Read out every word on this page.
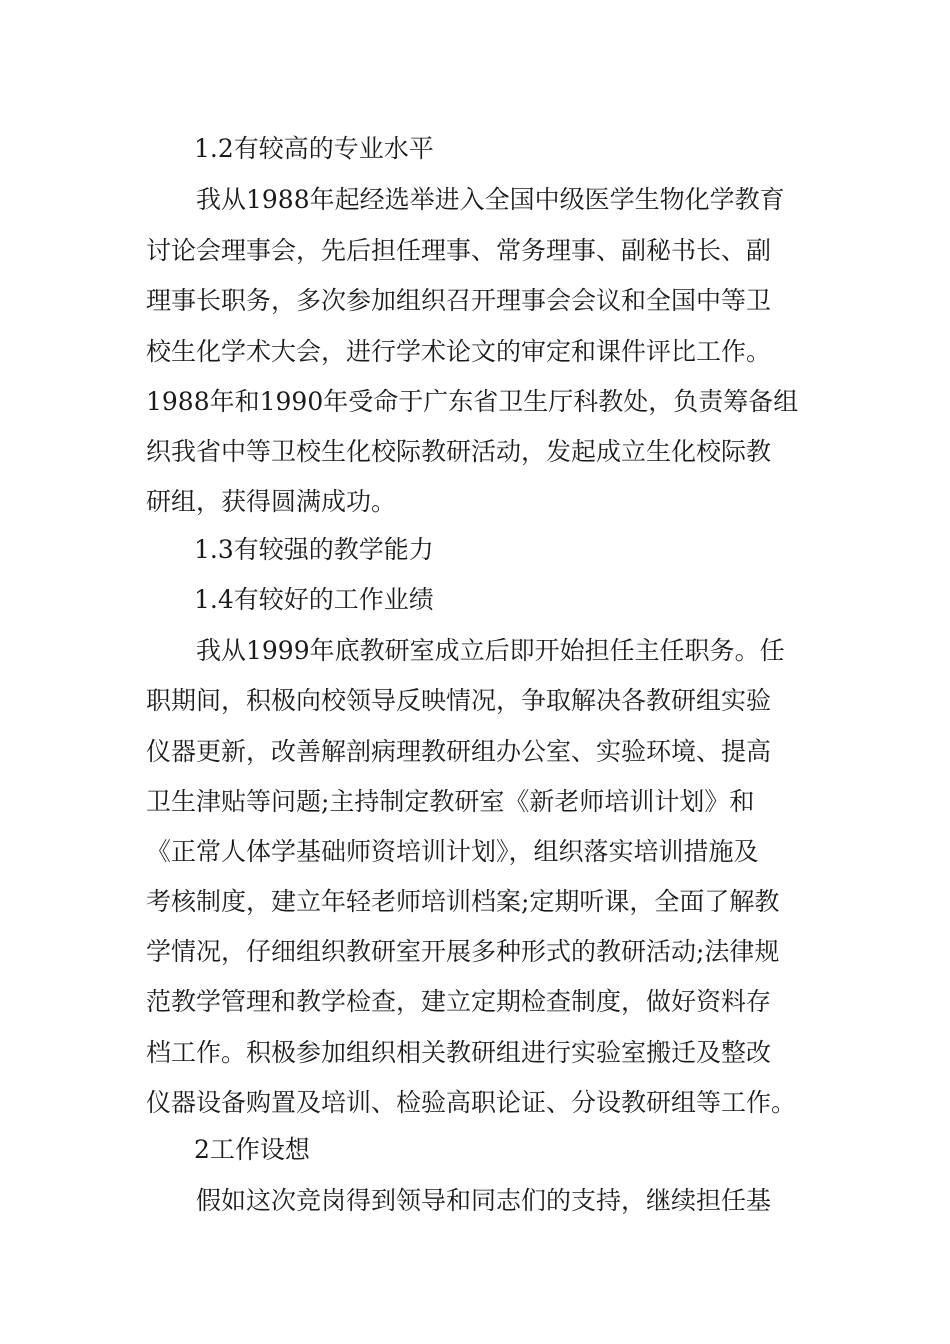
1.2有较高的专业水平
我从1988年起经选举进入全国中级医学生物化学教育
讨论会理事会，先后担任理事、常务理事、副秘书长、副
理事长职务，多次参加组织召开理事会会议和全国中等卫
校生化学术大会，进行学术论文的审定和课件评比工作。
1988年和1990年受命于广东省卫生厅科教处，负责筹备组
织我省中等卫校生化校际教研活动，发起成立生化校际教
研组，获得圆满成功。
1.3有较强的教学能力
1.4有较好的工作业绩
我从1999年底教研室成立后即开始担任主任职务。任
职期间，积极向校领导反映情况，争取解决各教研组实验
仪器更新，改善解剖病理教研组办公室、实验环境、提高
卫生津贴等问题;主持制定教研室《新老师培训计划》和
《正常人体学基础师资培训计划》，组织落实培训措施及
考核制度，建立年轻老师培训档案;定期听课，全面了解教
学情况，仔细组织教研室开展多种形式的教研活动;法律规
范教学管理和教学检查，建立定期检查制度，做好资料存
档工作。积极参加组织相关教研组进行实验室搬迁及整改
仪器设备购置及培训、检验高职论证、分设教研组等工作。
2工作设想
假如这次竞岗得到领导和同志们的支持，继续担任基
